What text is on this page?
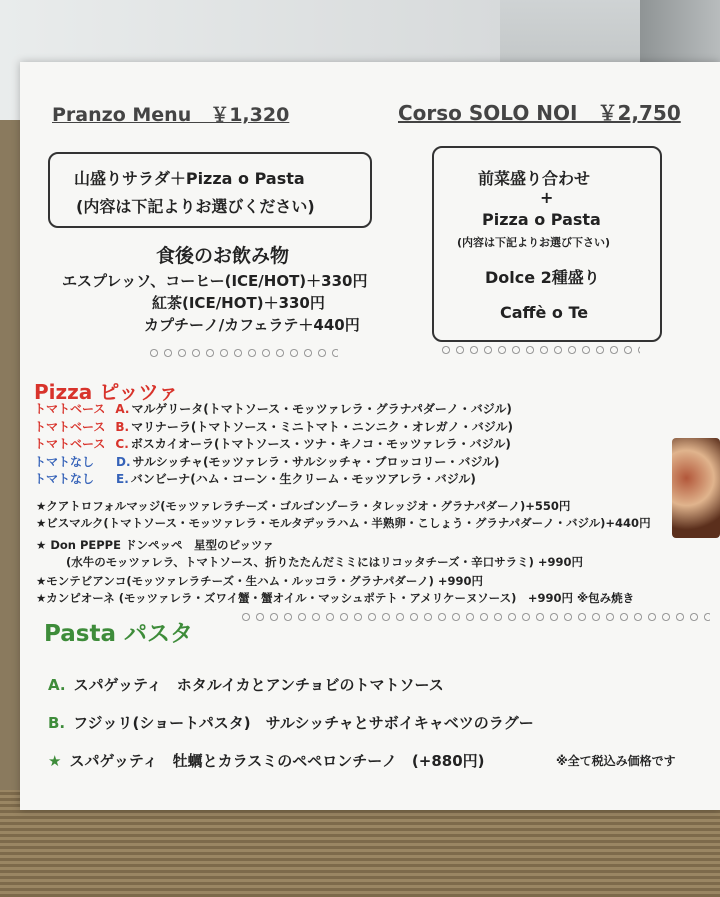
Pranzo Menu　￥1,320
山盛りサラダ＋Pizza o Pasta
(内容は下記よりお選びください)
食後のお飲み物
エスプレッソ、コーヒー(ICE/HOT)＋330円
紅茶(ICE/HOT)＋330円
カプチーノ/カフェラテ＋440円
Corso SOLO NOI　￥2,750
前菜盛り合わせ
+
Pizza o Pasta
(内容は下記よりお選び下さい)
Dolce 2種盛り
Caffè o Te
Pizza ピッツァ
トマトベース A. マルゲリータ(トマトソース・モッツァレラ・グラナパダーノ・バジル)
トマトベース B. マリナーラ(トマトソース・ミニトマト・ニンニク・オレガノ・バジル)
トマトベース C. ボスカイオーラ(トマトソース・ツナ・キノコ・モッツァレラ・バジル)
トマトなし D. サルシッチャ(モッツァレラ・サルシッチャ・ブロッコリー・バジル)
トマトなし E. バンビーナ(ハム・コーン・生クリーム・モッツアレラ・バジル)
★クアトロフォルマッジ(モッツァレラチーズ・ゴルゴンゾーラ・タレッジオ・グラナパダーノ)+550円
★ビスマルク(トマトソース・モッツァレラ・モルタデッラハム・半熟卵・こしょう・グラナパダーノ・バジル)+440円
★ Don PEPPE ドンペッペ　星型のピッツァ
(水牛のモッツァレラ、トマトソース、折りたたんだミミにはリコッタチーズ・辛口サラミ) +990円
★モンテビアンコ(モッツァレラチーズ・生ハム・ルッコラ・グラナパダーノ) +990円
★カンピオーネ (モッツァレラ・ズワイ蟹・蟹オイル・マッシュポテト・アメリケーヌソース)　+990円 ※包み焼き
Pasta パスタ
A. スパゲッティ　ホタルイカとアンチョビのトマトソース
B. フジッリ(ショートパスタ)　サルシッチャとサボイキャベツのラグー
★ スパゲッティ　牡蠣とカラスミのペペロンチーノ　(+880円)	※全て税込み価格です
